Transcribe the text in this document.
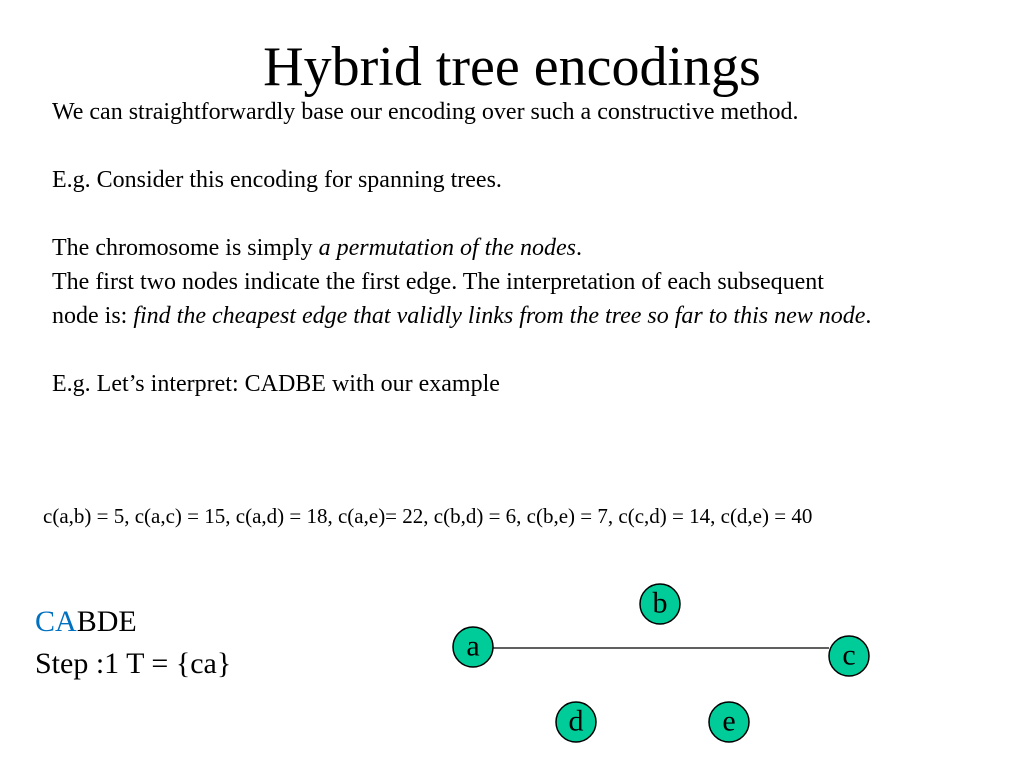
Hybrid tree encodings

We can straightforwardly base our encoding over such a constructive method.

E.g. Consider this encoding for spanning trees.

The chromosome is simply a permutation of the nodes.

The first two nodes indicate the first edge. The interpretation of each subsequent

node is: find the cheapest edge that validly links from the tree so far to this new node.

E.g. Let’s interpret: CADBE with our example

c(a,b) = 5, c(a,c) = 15, c(a,d) = 18, c(a,e)= 22, c(b,d) = 6, c(b,e) = 7, c(c,d) = 14, c(d,e) = 40
CABDE
Step :1 T = {ca}
a
b
c
d	e
